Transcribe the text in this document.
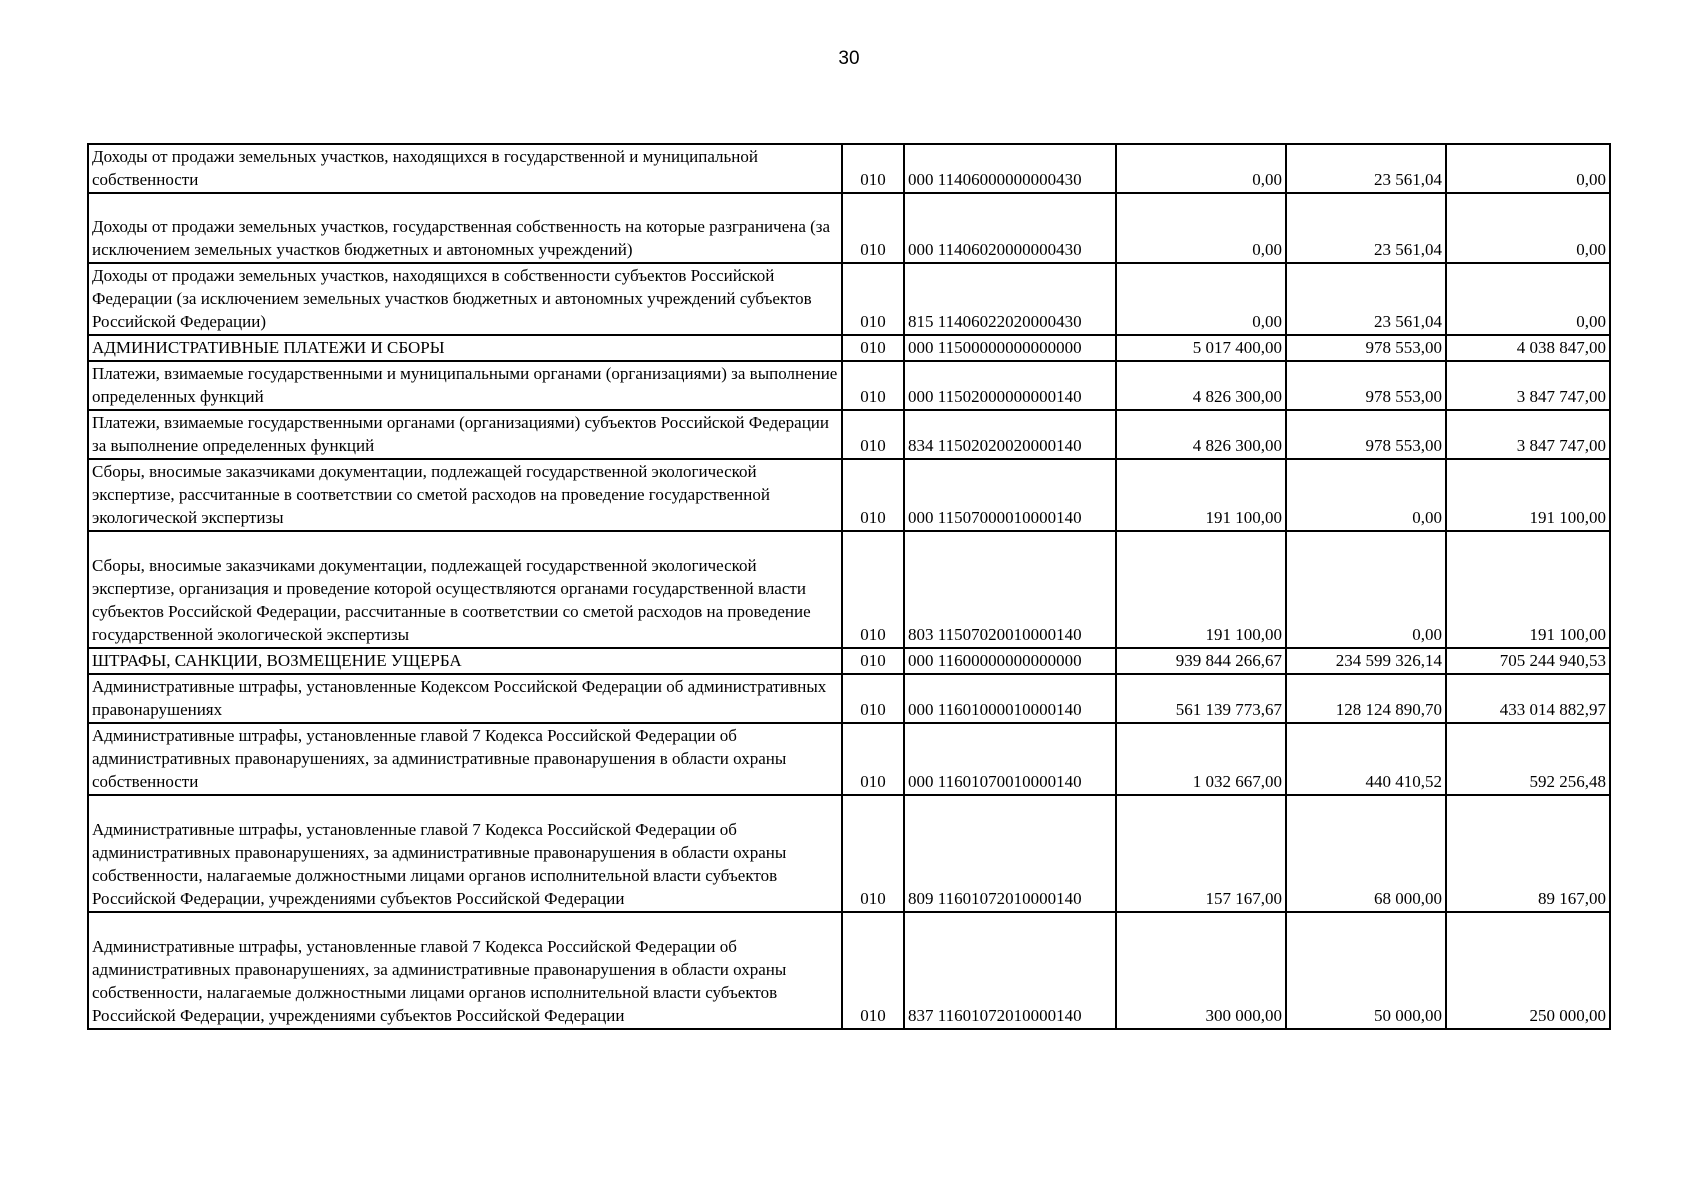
30
Доходы от продажи земельных участков, находящихся в государственной и муниципальной собственности	010	000 11406000000000430	0,00	23 561,04	0,00
Доходы от продажи земельных участков, государственная собственность на которые разграничена (за исключением земельных участков бюджетных и автономных учреждений)	010	000 11406020000000430	0,00	23 561,04	0,00
Доходы от продажи земельных участков, находящихся в собственности субъектов Российской Федерации (за исключением земельных участков бюджетных и автономных учреждений субъектов Российской Федерации)	010	815 11406022020000430	0,00	23 561,04	0,00
АДМИНИСТРАТИВНЫЕ ПЛАТЕЖИ И СБОРЫ	010	000 11500000000000000	5 017 400,00	978 553,00	4 038 847,00
Платежи, взимаемые государственными и муниципальными органами (организациями) за выполнение определенных функций	010	000 11502000000000140	4 826 300,00	978 553,00	3 847 747,00
Платежи, взимаемые государственными органами (организациями) субъектов Российской Федерации за выполнение определенных функций	010	834 11502020020000140	4 826 300,00	978 553,00	3 847 747,00
Сборы, вносимые заказчиками документации, подлежащей государственной экологической экспертизе, рассчитанные в соответствии со сметой расходов на проведение государственной экологической экспертизы	010	000 11507000010000140	191 100,00	0,00	191 100,00
Сборы, вносимые заказчиками документации, подлежащей государственной экологической экспертизе, организация и проведение которой осуществляются органами государственной власти субъектов Российской Федерации, рассчитанные в соответствии со сметой расходов на проведение государственной экологической экспертизы	010	803 11507020010000140	191 100,00	0,00	191 100,00
ШТРАФЫ, САНКЦИИ, ВОЗМЕЩЕНИЕ УЩЕРБА	010	000 11600000000000000	939 844 266,67	234 599 326,14	705 244 940,53
Административные штрафы, установленные Кодексом Российской Федерации об административных правонарушениях	010	000 11601000010000140	561 139 773,67	128 124 890,70	433 014 882,97
Административные штрафы, установленные главой 7 Кодекса Российской Федерации об административных правонарушениях, за административные правонарушения в области охраны собственности	010	000 11601070010000140	1 032 667,00	440 410,52	592 256,48
Административные штрафы, установленные главой 7 Кодекса Российской Федерации об административных правонарушениях, за административные правонарушения в области охраны собственности, налагаемые должностными лицами органов исполнительной власти субъектов Российской Федерации, учреждениями субъектов Российской Федерации	010	809 11601072010000140	157 167,00	68 000,00	89 167,00
Административные штрафы, установленные главой 7 Кодекса Российской Федерации об административных правонарушениях, за административные правонарушения в области охраны собственности, налагаемые должностными лицами органов исполнительной власти субъектов Российской Федерации, учреждениями субъектов Российской Федерации	010	837 11601072010000140	300 000,00	50 000,00	250 000,00
